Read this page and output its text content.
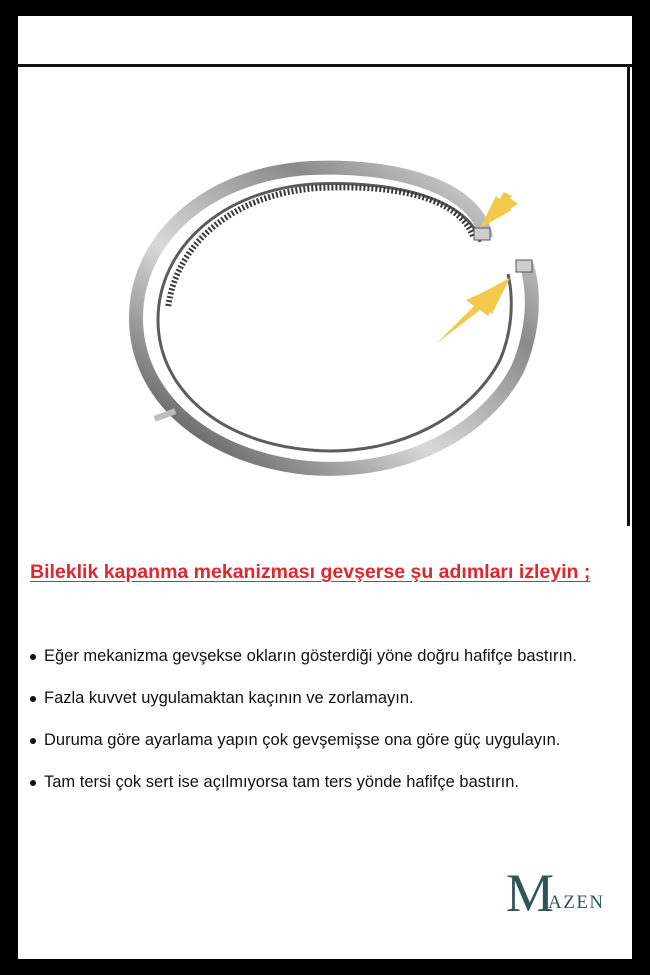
Bileklik kapanma mekanizması gevşerse şu adımları izleyin ;
Eğer mekanizma gevşekse okların gösterdiği yöne doğru hafifçe bastırın.
Fazla kuvvet uygulamaktan kaçının ve zorlamayın.
Duruma göre ayarlama yapın çok gevşemişse ona göre güç uygulayın.
Tam tersi çok sert ise açılmıyorsa tam ters yönde hafifçe bastırın.
M
AZEN
